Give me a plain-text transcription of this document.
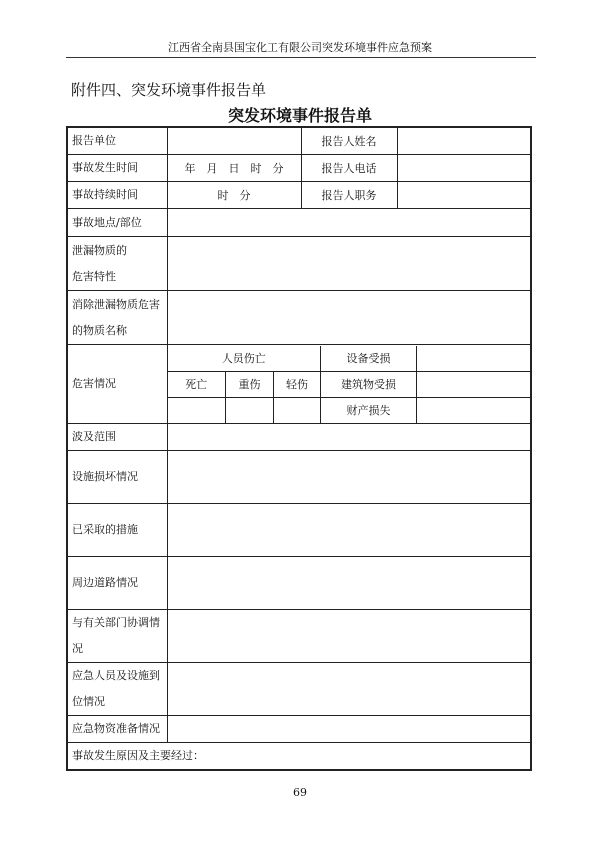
江西省全南县国宝化工有限公司突发环境事件应急预案
附件四、突发环境事件报告单
突发环境事件报告单
报告单位		报告人姓名	
事故发生时间	年　月　日　时　分	报告人电话	
事故持续时间	时　分	报告人职务	
事故地点/部位	
泄漏物质的
危害特性	
消除泄漏物质危害
的物质名称	
危害情况	
人员伤亡	设备受损	
死亡	重伤	轻伤	建筑物受损	
			财产损失	

波及范围	
设施损坏情况	
已采取的措施	
周边道路情况	
与有关部门协调情
况	
应急人员及设施到
位情况	
应急物资准备情况	
事故发生原因及主要经过：
69
